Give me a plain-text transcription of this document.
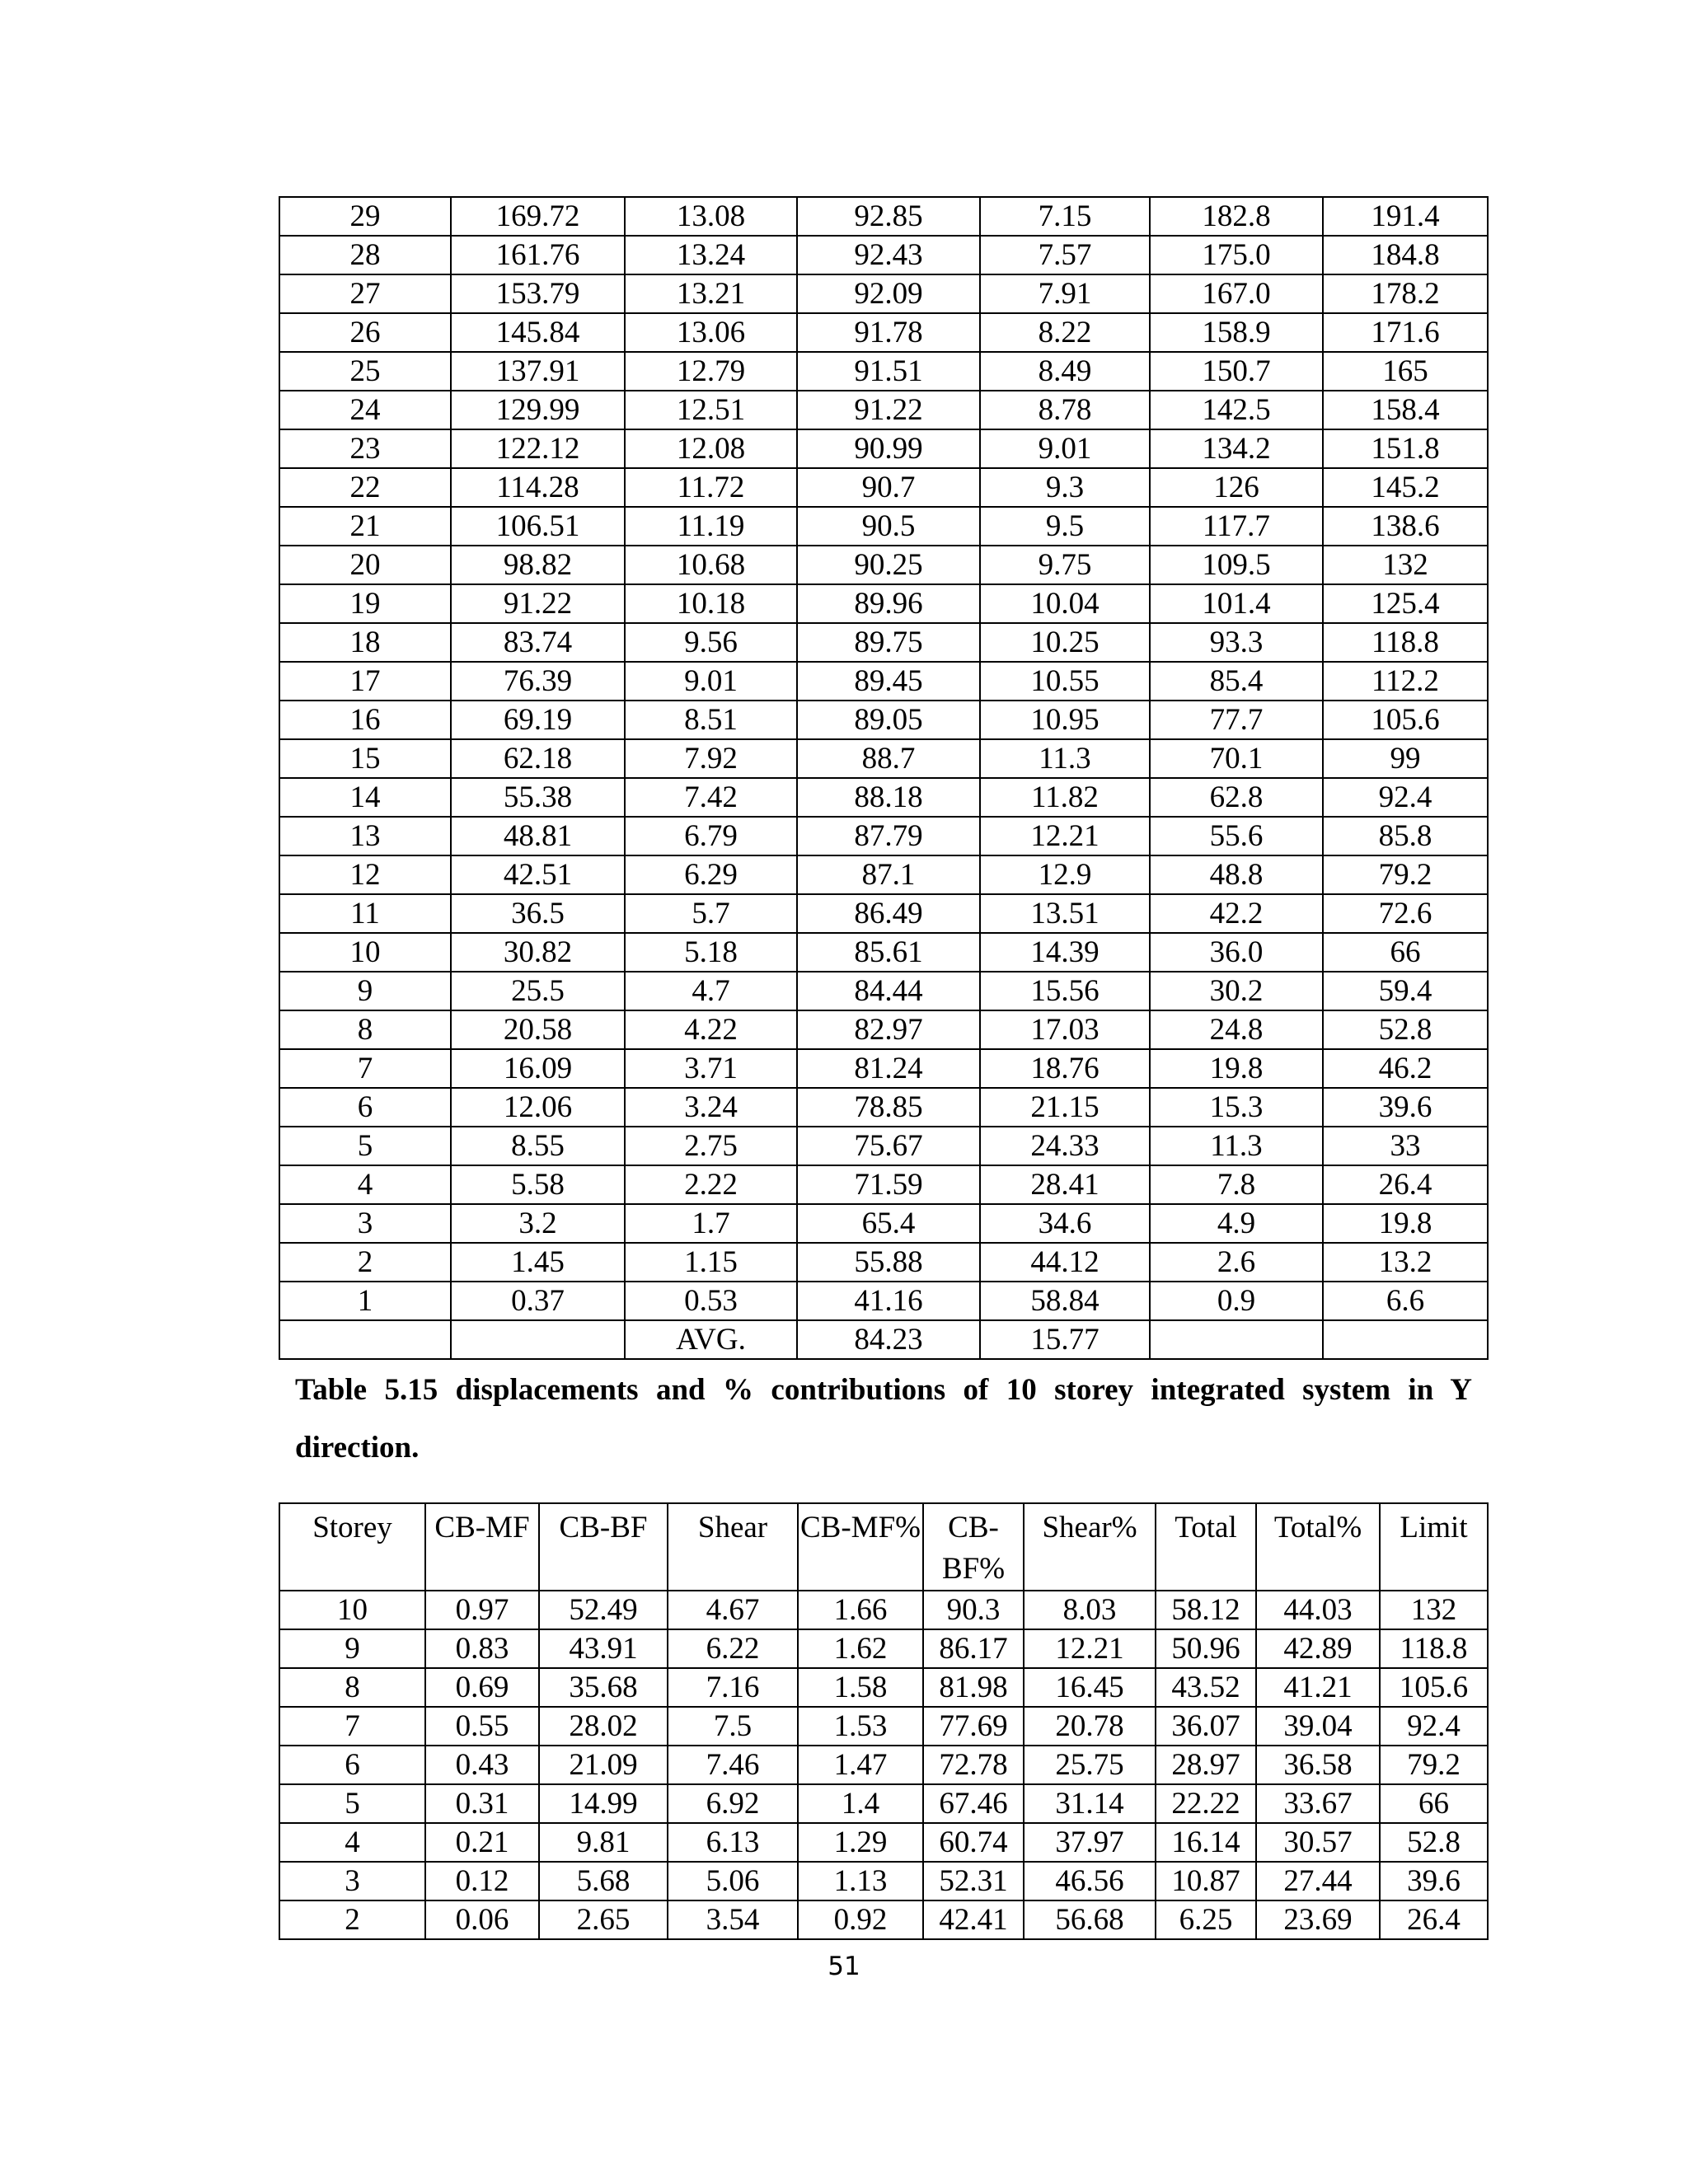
29	169.72	13.08	92.85	7.15	182.8	191.4
28	161.76	13.24	92.43	7.57	175.0	184.8
27	153.79	13.21	92.09	7.91	167.0	178.2
26	145.84	13.06	91.78	8.22	158.9	171.6
25	137.91	12.79	91.51	8.49	150.7	165
24	129.99	12.51	91.22	8.78	142.5	158.4
23	122.12	12.08	90.99	9.01	134.2	151.8
22	114.28	11.72	90.7	9.3	126	145.2
21	106.51	11.19	90.5	9.5	117.7	138.6
20	98.82	10.68	90.25	9.75	109.5	132
19	91.22	10.18	89.96	10.04	101.4	125.4
18	83.74	9.56	89.75	10.25	93.3	118.8
17	76.39	9.01	89.45	10.55	85.4	112.2
16	69.19	8.51	89.05	10.95	77.7	105.6
15	62.18	7.92	88.7	11.3	70.1	99
14	55.38	7.42	88.18	11.82	62.8	92.4
13	48.81	6.79	87.79	12.21	55.6	85.8
12	42.51	6.29	87.1	12.9	48.8	79.2
11	36.5	5.7	86.49	13.51	42.2	72.6
10	30.82	5.18	85.61	14.39	36.0	66
9	25.5	4.7	84.44	15.56	30.2	59.4
8	20.58	4.22	82.97	17.03	24.8	52.8
7	16.09	3.71	81.24	18.76	19.8	46.2
6	12.06	3.24	78.85	21.15	15.3	39.6
5	8.55	2.75	75.67	24.33	11.3	33
4	5.58	2.22	71.59	28.41	7.8	26.4
3	3.2	1.7	65.4	34.6	4.9	19.8
2	1.45	1.15	55.88	44.12	2.6	13.2
1	0.37	0.53	41.16	58.84	0.9	6.6
		AVG.	84.23	15.77		
Table 5.15 displacements and % contributions of 10 storey integrated system in Y direction.
Storey	CB-MF	CB-BF	Shear	CB-MF%	CB-BF%	Shear%	Total	Total%	Limit
10	0.97	52.49	4.67	1.66	90.3	8.03	58.12	44.03	132
9	0.83	43.91	6.22	1.62	86.17	12.21	50.96	42.89	118.8
8	0.69	35.68	7.16	1.58	81.98	16.45	43.52	41.21	105.6
7	0.55	28.02	7.5	1.53	77.69	20.78	36.07	39.04	92.4
6	0.43	21.09	7.46	1.47	72.78	25.75	28.97	36.58	79.2
5	0.31	14.99	6.92	1.4	67.46	31.14	22.22	33.67	66
4	0.21	9.81	6.13	1.29	60.74	37.97	16.14	30.57	52.8
3	0.12	5.68	5.06	1.13	52.31	46.56	10.87	27.44	39.6
2	0.06	2.65	3.54	0.92	42.41	56.68	6.25	23.69	26.4
51
